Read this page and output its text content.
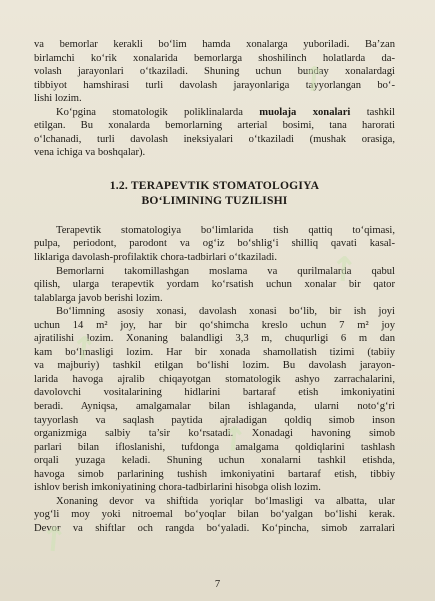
↗
↗
↗
↗
↗

va bemorlar kerakli bo‘lim hamda xonalarga yuboriladi. Ba’zan

birlamchi ko‘rik xonalarida bemorlarga shoshilinch holatlarda da-

volash jarayonlari o‘tkaziladi. Shuning uchun bunday xonalardagi

tibbiyot hamshirasi turli davolash jarayonlariga tayyorlangan bo‘-

lishi lozim.

Ko‘pgina stomatologik poliklinalarda muolaja xonalari tashkil

etilgan. Bu xonalarda bemorlarning arterial bosimi, tana harorati

o‘lchanadi, turli davolash ineksiyalari o‘tkaziladi (mushak orasiga,

vena ichiga va boshqalar).

1.2. TERAPEVTIK STOMATOLOGIYA
BO‘LIMINING TUZILISHI

Terapevtik stomatologiya bo‘limlarida tish qattiq to‘qimasi,

pulpa, periodont, parodont va og‘iz bo‘shlig‘i shilliq qavati kasal-

liklariga davolash-profilaktik chora-tadbirlari o‘tkaziladi.

Bemorlarni takomillashgan moslama va qurilmalarda qabul

qilish, ularga terapevtik yordam ko‘rsatish uchun xonalar bir qator

talablarga javob berishi lozim.

Bo‘limning asosiy xonasi, davolash xonasi bo‘lib, bir ish joyi

uchun 14 m² joy, har bir qo‘shimcha kreslo uchun 7 m² joy

ajratilishi lozim. Xonaning balandligi 3,3 m, chuqurligi 6 m dan

kam bo‘lmasligi lozim. Har bir xonada shamollatish tizimi (tabiiy

va majburiy) tashkil etilgan bo‘lishi lozim. Bu davolash jarayon-

larida havoga ajralib chiqayotgan stomatologik ashyo zarrachalarini,

davolovchi vositalarining hidlarini bartaraf etish imkoniyatini

beradi. Ayniqsa, amalgamalar bilan ishlaganda, ularni noto‘g‘ri

tayyorlash va saqlash paytida ajraladigan qoldiq simob inson

organizmiga salbiy ta’sir ko‘rsatadi. Xonadagi havoning simob

parlari bilan ifloslanishi, tufdonga amalgama qoldiqlarini tashlash

orqali yuzaga keladi. Shuning uchun xonalarni tashkil etishda,

havoga simob parlarining tushish imkoniyatini bartaraf etish, tibbiy

ishlov berish imkoniyatining chora-tadbirlarini hisobga olish lozim.

Xonaning devor va shiftida yoriqlar bo‘lmasligi va albatta, ular

yog‘li moy yoki nitroemal bo‘yoqlar bilan bo‘yalgan bo‘lishi kerak.

Devor va shiftlar och rangda bo‘yaladi. Ko‘pincha, simob zarralari

7
